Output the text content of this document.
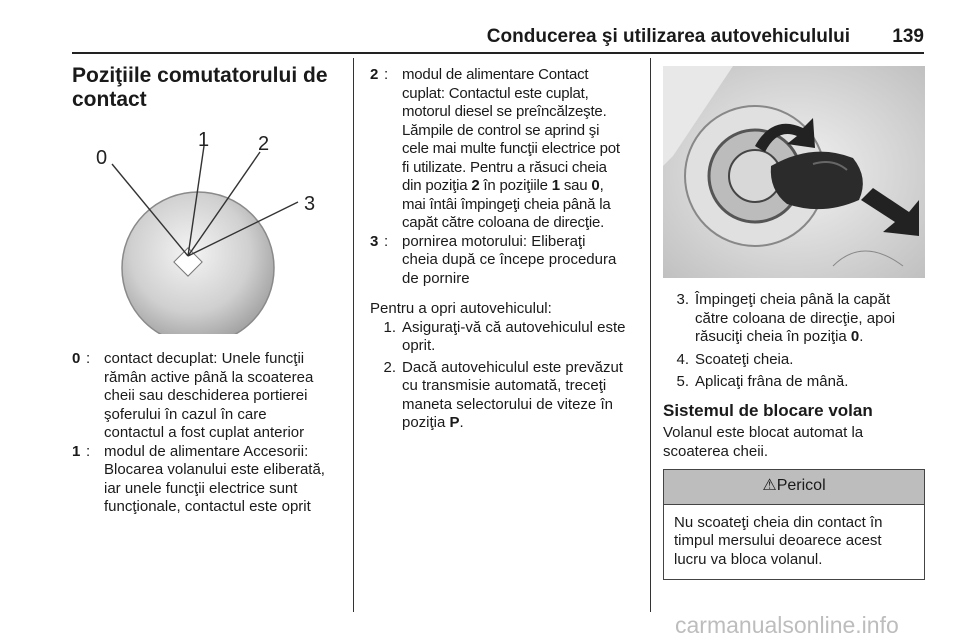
Conducerea şi utilizarea autovehiculului 139
Poziţiile comutatorului de contact
0
1 2
3
0 : contact decuplat: Unele funcţii
rămân active până la scoaterea
cheii sau deschiderea portierei
şoferului în cazul în care
contactul a fost cuplat anterior
1 : modul de alimentare Accesorii:
Blocarea volanului este eliberată,
iar unele funcţii electrice sunt
funcţionale, contactul este oprit
2 : modul de alimentare Contact
cuplat: Contactul este cuplat,
motorul diesel se preîncălzeşte.
Lămpile de control se aprind şi
cele mai multe funcţii electrice pot
fi utilizate. Pentru a răsuci cheia
din poziţia 2 în poziţiile 1 sau 0,
mai întâi împingeţi cheia până la
capăt către coloana de direcţie.
3 : pornirea motorului: Eliberaţi
cheia după ce începe procedura
de pornire

Pentru a opri autovehiculul:

1. Asiguraţi-vă că autovehiculul este
oprit.
2. Dacă autovehiculul este prevăzut
cu transmisie automată, treceţi
maneta selectorului de viteze în
poziţia P.
3. Împingeţi cheia până la capăt
către coloana de direcţie, apoi
răsuciţi cheia în poziţia 0.
4. Scoateţi cheia.
5. Aplicaţi frâna de mână.
Sistemul de blocare volan

Volanul este blocat automat la
scoaterea cheii.

⚠Pericol
Nu scoateţi cheia din contact în
timpul mersului deoarece acest
lucru va bloca volanul.
carmanualsonline.info
